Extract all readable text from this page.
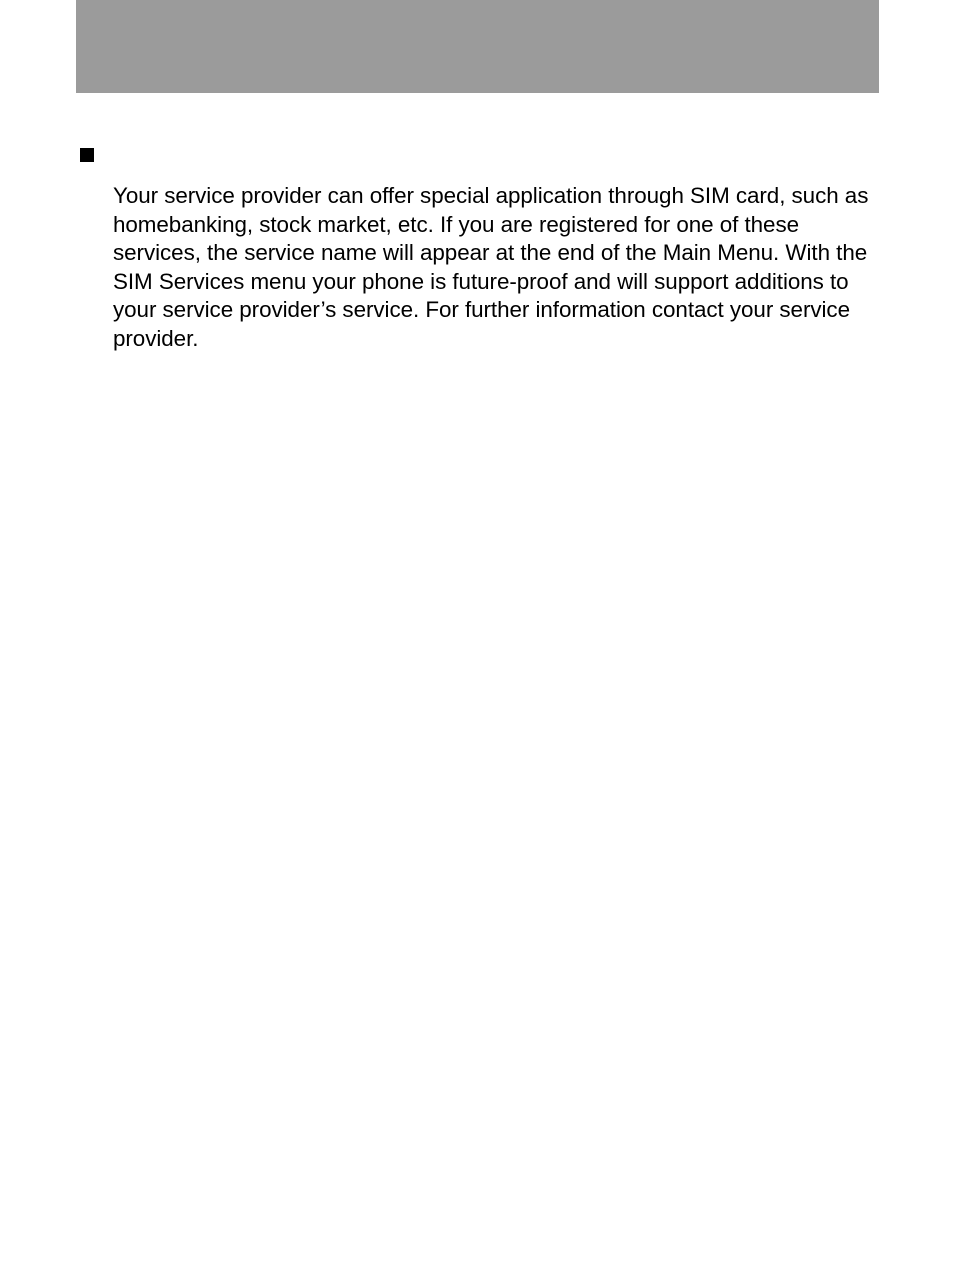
Your service provider can offer special application through SIM card, such as homebanking, stock market, etc. If you are registered for one of these services, the service name will appear at the end of the Main Menu. With the SIM Services menu your phone is future-proof and will support additions to your service provider’s service. For further information contact your service provider.
